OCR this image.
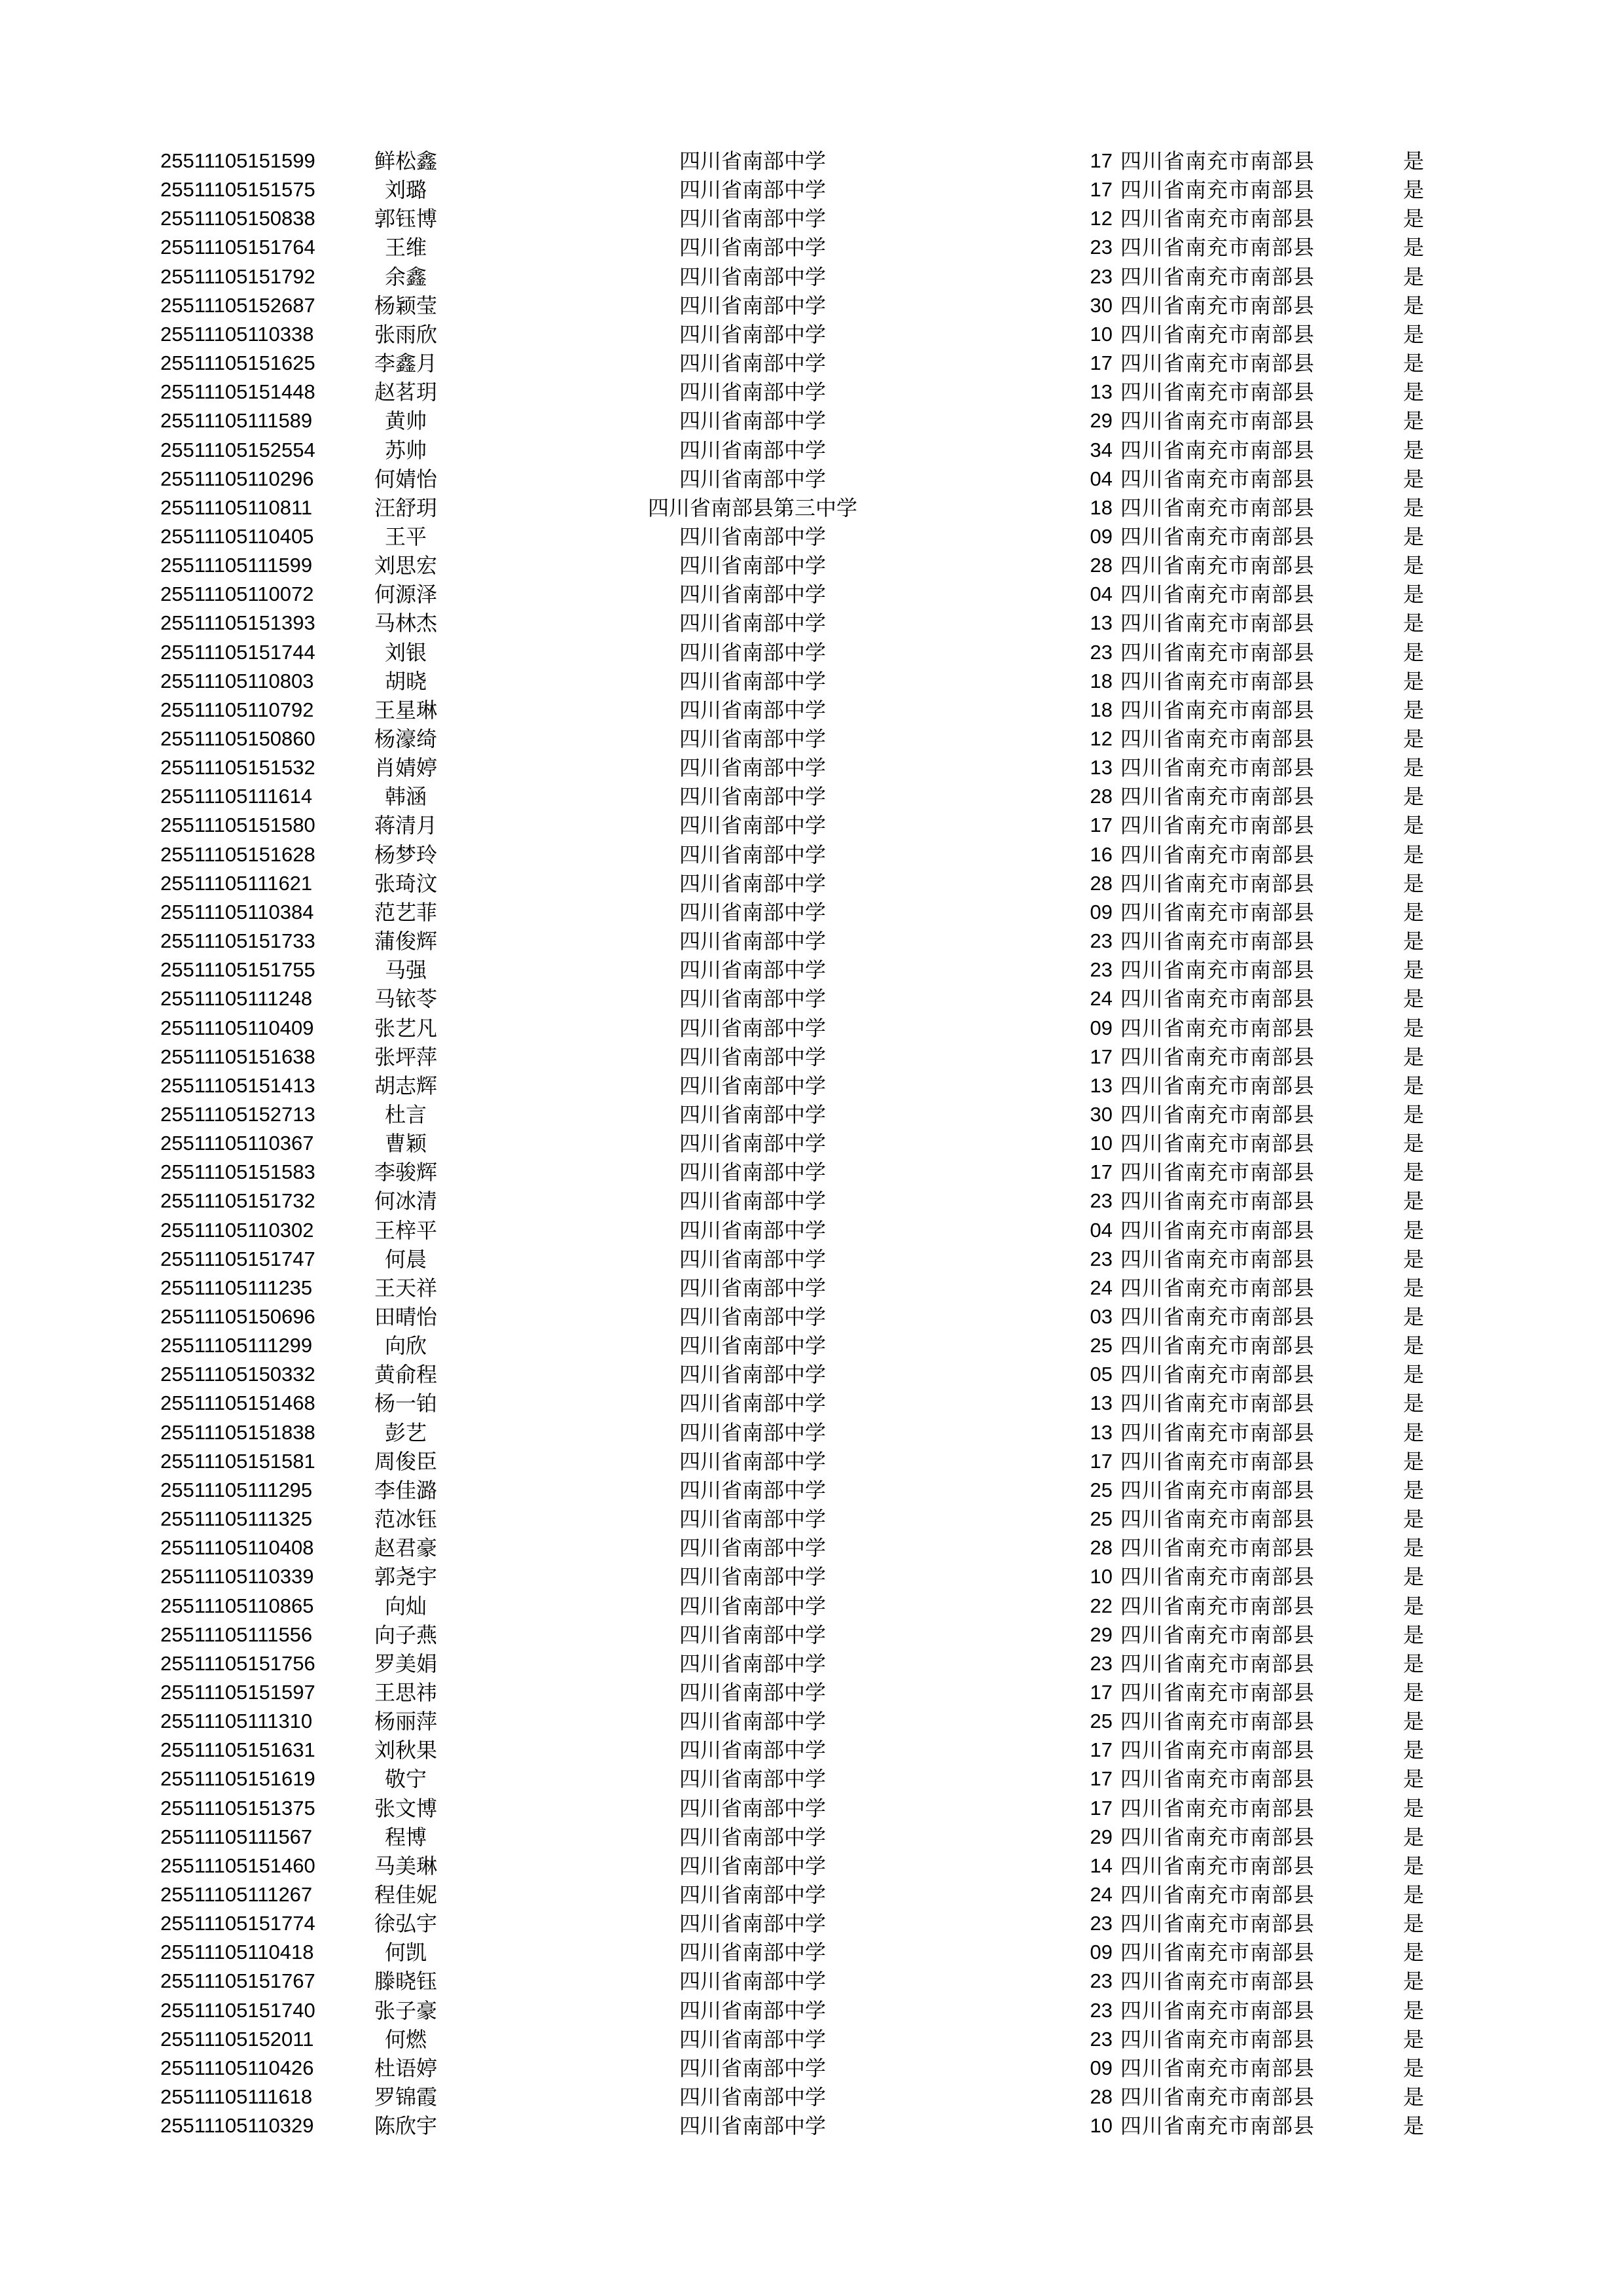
25511105151599	鲜松鑫	四川省南部中学	17 四川省南充市南部县	是
25511105151575	刘璐	四川省南部中学	17 四川省南充市南部县	是
25511105150838	郭钰博	四川省南部中学	12 四川省南充市南部县	是
25511105151764	王维	四川省南部中学	23 四川省南充市南部县	是
25511105151792	余鑫	四川省南部中学	23 四川省南充市南部县	是
25511105152687	杨颖莹	四川省南部中学	30 四川省南充市南部县	是
25511105110338	张雨欣	四川省南部中学	10 四川省南充市南部县	是
25511105151625	李鑫月	四川省南部中学	17 四川省南充市南部县	是
25511105151448	赵茗玥	四川省南部中学	13 四川省南充市南部县	是
25511105111589	黄帅	四川省南部中学	29 四川省南充市南部县	是
25511105152554	苏帅	四川省南部中学	34 四川省南充市南部县	是
25511105110296	何婧怡	四川省南部中学	04 四川省南充市南部县	是
25511105110811	汪舒玥	四川省南部县第三中学	18 四川省南充市南部县	是
25511105110405	王平	四川省南部中学	09 四川省南充市南部县	是
25511105111599	刘思宏	四川省南部中学	28 四川省南充市南部县	是
25511105110072	何源泽	四川省南部中学	04 四川省南充市南部县	是
25511105151393	马林杰	四川省南部中学	13 四川省南充市南部县	是
25511105151744	刘银	四川省南部中学	23 四川省南充市南部县	是
25511105110803	胡晓	四川省南部中学	18 四川省南充市南部县	是
25511105110792	王星琳	四川省南部中学	18 四川省南充市南部县	是
25511105150860	杨濠绮	四川省南部中学	12 四川省南充市南部县	是
25511105151532	肖婧婷	四川省南部中学	13 四川省南充市南部县	是
25511105111614	韩涵	四川省南部中学	28 四川省南充市南部县	是
25511105151580	蒋清月	四川省南部中学	17 四川省南充市南部县	是
25511105151628	杨梦玲	四川省南部中学	16 四川省南充市南部县	是
25511105111621	张琦汶	四川省南部中学	28 四川省南充市南部县	是
25511105110384	范艺菲	四川省南部中学	09 四川省南充市南部县	是
25511105151733	蒲俊辉	四川省南部中学	23 四川省南充市南部县	是
25511105151755	马强	四川省南部中学	23 四川省南充市南部县	是
25511105111248	马铱苓	四川省南部中学	24 四川省南充市南部县	是
25511105110409	张艺凡	四川省南部中学	09 四川省南充市南部县	是
25511105151638	张坪萍	四川省南部中学	17 四川省南充市南部县	是
25511105151413	胡志辉	四川省南部中学	13 四川省南充市南部县	是
25511105152713	杜言	四川省南部中学	30 四川省南充市南部县	是
25511105110367	曹颖	四川省南部中学	10 四川省南充市南部县	是
25511105151583	李骏辉	四川省南部中学	17 四川省南充市南部县	是
25511105151732	何冰清	四川省南部中学	23 四川省南充市南部县	是
25511105110302	王梓平	四川省南部中学	04 四川省南充市南部县	是
25511105151747	何晨	四川省南部中学	23 四川省南充市南部县	是
25511105111235	王天祥	四川省南部中学	24 四川省南充市南部县	是
25511105150696	田晴怡	四川省南部中学	03 四川省南充市南部县	是
25511105111299	向欣	四川省南部中学	25 四川省南充市南部县	是
25511105150332	黄俞程	四川省南部中学	05 四川省南充市南部县	是
25511105151468	杨一铂	四川省南部中学	13 四川省南充市南部县	是
25511105151838	彭艺	四川省南部中学	13 四川省南充市南部县	是
25511105151581	周俊臣	四川省南部中学	17 四川省南充市南部县	是
25511105111295	李佳潞	四川省南部中学	25 四川省南充市南部县	是
25511105111325	范冰钰	四川省南部中学	25 四川省南充市南部县	是
25511105110408	赵君豪	四川省南部中学	28 四川省南充市南部县	是
25511105110339	郭尧宇	四川省南部中学	10 四川省南充市南部县	是
25511105110865	向灿	四川省南部中学	22 四川省南充市南部县	是
25511105111556	向子燕	四川省南部中学	29 四川省南充市南部县	是
25511105151756	罗美娟	四川省南部中学	23 四川省南充市南部县	是
25511105151597	王思祎	四川省南部中学	17 四川省南充市南部县	是
25511105111310	杨丽萍	四川省南部中学	25 四川省南充市南部县	是
25511105151631	刘秋果	四川省南部中学	17 四川省南充市南部县	是
25511105151619	敬宁	四川省南部中学	17 四川省南充市南部县	是
25511105151375	张文博	四川省南部中学	17 四川省南充市南部县	是
25511105111567	程博	四川省南部中学	29 四川省南充市南部县	是
25511105151460	马美琳	四川省南部中学	14 四川省南充市南部县	是
25511105111267	程佳妮	四川省南部中学	24 四川省南充市南部县	是
25511105151774	徐弘宇	四川省南部中学	23 四川省南充市南部县	是
25511105110418	何凯	四川省南部中学	09 四川省南充市南部县	是
25511105151767	滕晓钰	四川省南部中学	23 四川省南充市南部县	是
25511105151740	张子豪	四川省南部中学	23 四川省南充市南部县	是
25511105152011	何燃	四川省南部中学	23 四川省南充市南部县	是
25511105110426	杜语婷	四川省南部中学	09 四川省南充市南部县	是
25511105111618	罗锦霞	四川省南部中学	28 四川省南充市南部县	是
25511105110329	陈欣宇	四川省南部中学	10 四川省南充市南部县	是
